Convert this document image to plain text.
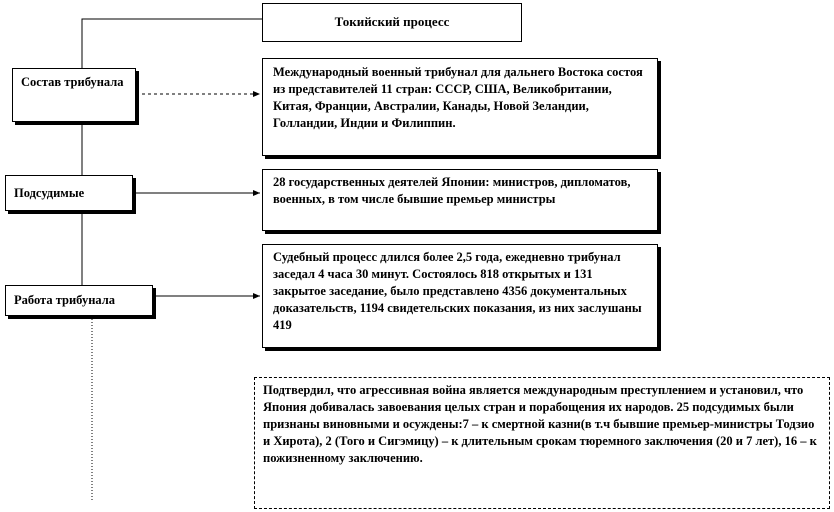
Токийский процесс
Состав трибунала
Подсудимые
Работа трибунала
Международный военный трибунал для дальнего Востока состоя из представителей 11 стран: СССР, США, Великобритании, Китая, Франции, Австралии, Канады, Новой Зеландии, Голландии, Индии и Филиппин.
28 государственных деятелей Японии: министров, дипломатов, военных, в том числе бывшие премьер министры
Судебный процесс длился более 2,5 года, ежедневно трибунал заседал 4 часа 30 минут. Состоялось 818 открытых и 131 закрытое заседание, было представлено 4356 документальных доказательств, 1194 свидетельских показания, из них заслушаны 419
Подтвердил, что агрессивная война является международным преступлением и установил, что Япония добивалась завоевания целых стран и порабощения их народов. 25 подсудимых были признаны виновными и осуждены:7 – к смертной казни(в т.ч бывшие премьер-министры Тодзио и Хирота), 2 (Того и Сигэмицу) – к длительным срокам тюремного заключения (20 и 7 лет), 16 – к пожизненному заключению.
